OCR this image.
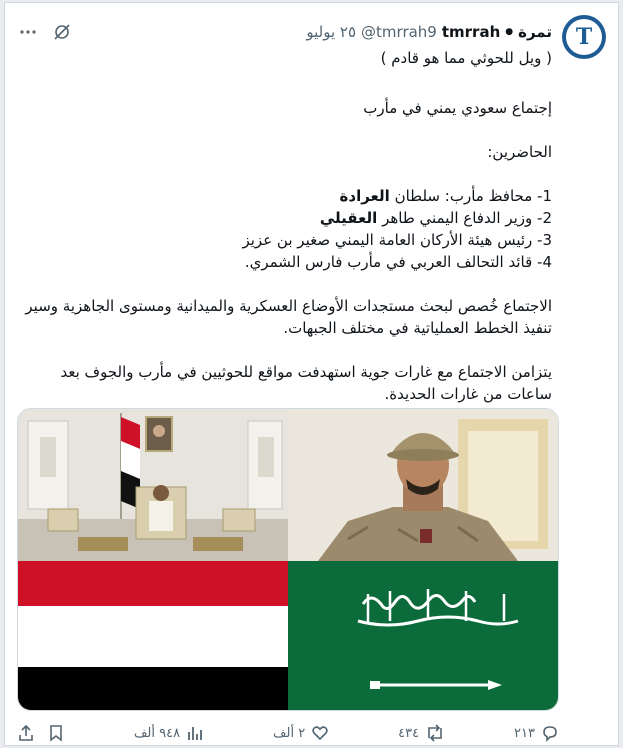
T
تمرة
●
tmrrah
@tmrrah9
٢٥ يوليو

( ويل للحوثي مما هو قادم )

إجتماع سعودي يمني في مأرب

الحاضرين:

1- محافظ مأرب: سلطان العرادة

2- وزير الدفاع اليمني طاهر العقيلي

3- رئيس هيئة الأركان العامة اليمني صغير بن عزيز

4- قائد التحالف العربي في مأرب فارس الشمري.

الاجتماع خُصص لبحث مستجدات الأوضاع العسكرية والميدانية ومستوى الجاهزية وسير تنفيذ الخطط العملياتية في مختلف الجبهات.

يتزامن الاجتماع مع غارات جوية استهدفت مواقع للحوثيين في مأرب والجوف بعد ساعات من غارات الحديدة.

٩٤٨ ألف	٢ ألف	٤٣٤	٢١٣
